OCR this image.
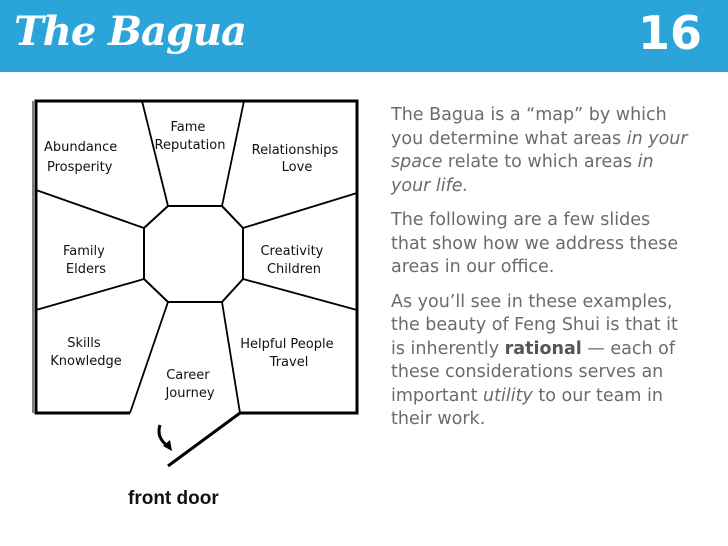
The Bagua	16
Fame Reputation
Abundance Prosperity
Relationships Love
Family Elders
Creativity Children
Skills Knowledge
Helpful People Travel
Career Journey
front door

The Bagua is a “map” by which you determine what areas in your space relate to which areas in your life.

The following are a few slides that show how we address these areas in our office.

As you’ll see in these examples, the beauty of Feng Shui is that it is inherently rational — each of these considerations serves an important utility to our team in their work.
